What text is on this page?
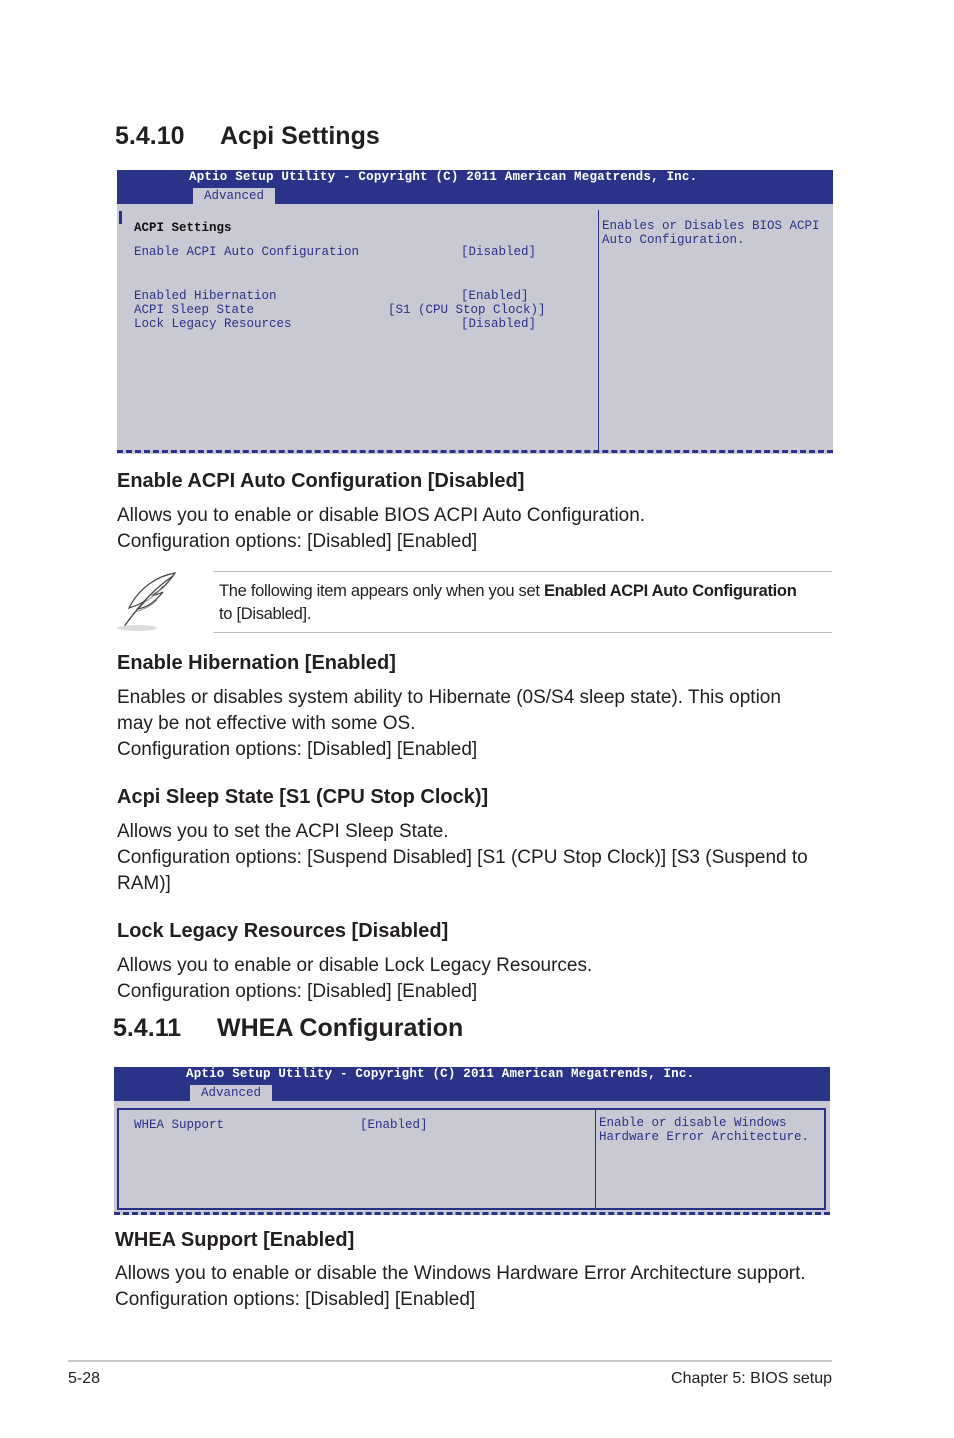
5.4.10 Acpi Settings
Aptio Setup Utility - Copyright (C) 2011 American Megatrends, Inc.
Advanced
ACPI Settings
Enable ACPI Auto Configuration	[Disabled]
Enabled Hibernation	[Enabled]
ACPI Sleep State	[S1 (CPU Stop Clock)]
Lock Legacy Resources	[Disabled]
Enables or Disables BIOS ACPI
Auto Configuration.
Enable ACPI Auto Configuration [Disabled]
Allows you to enable or disable BIOS ACPI Auto Configuration.
Configuration options: [Disabled] [Enabled]
The following item appears only when you set Enabled ACPI Auto Configuration
to [Disabled].
Enable Hibernation [Enabled]
Enables or disables system ability to Hibernate (0S/S4 sleep state). This option
may be not effective with some OS.
Configuration options: [Disabled] [Enabled]
Acpi Sleep State [S1 (CPU Stop Clock)]
Allows you to set the ACPI Sleep State.
Configuration options: [Suspend Disabled] [S1 (CPU Stop Clock)] [S3 (Suspend to
RAM)]
Lock Legacy Resources [Disabled]
Allows you to enable or disable Lock Legacy Resources.
Configuration options: [Disabled] [Enabled]
5.4.11 WHEA Configuration
Aptio Setup Utility - Copyright (C) 2011 American Megatrends, Inc.
Advanced
WHEA Support	[Enabled]	Enable or disable Windows
Hardware Error Architecture.
WHEA Support [Enabled]
Allows you to enable or disable the Windows Hardware Error Architecture support.
Configuration options: [Disabled] [Enabled]
5-28	Chapter 5: BIOS setup
